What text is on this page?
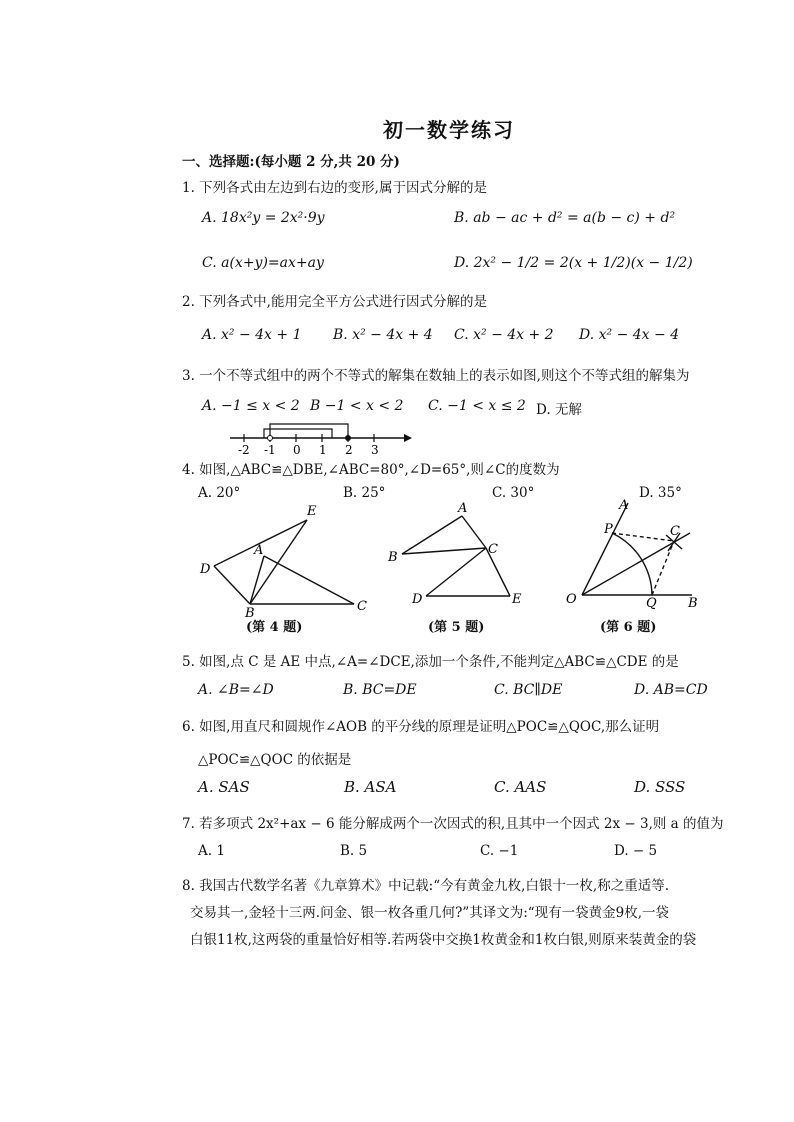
初一数学练习
一、选择题:(每小题 2 分,共 20 分)
1. 下列各式由左边到右边的变形,属于因式分解的是
A. 18x²y = 2x²·9y	B. ab − ac + d² = a(b − c) + d²
C. a(x+y)=ax+ay	D. 2x² − 1/2 = 2(x + 1/2)(x − 1/2)
2. 下列各式中,能用完全平方公式进行因式分解的是
A. x² − 4x + 1 B. x² − 4x + 4 C. x² − 4x + 2 D. x² − 4x − 4
3. 一个不等式组中的两个不等式的解集在数轴上的表示如图,则这个不等式组的解集为
A. −1 ≤ x < 2 B −1 < x < 2 C. −1 < x ≤ 2 D. 无解
-2 -1 0 1 2 3
4. 如图,△ABC≌△DBE,∠ABC=80°,∠D=65°,则∠C的度数为
A. 20°	B. 25°	C. 30°	D. 35°
E
A
D
B	C
(第 4 题)
A
B
C
D	E
(第 5 题)
A
P	C
O	Q B
(第 6 题)
5. 如图,点 C 是 AE 中点,∠A=∠DCE,添加一个条件,不能判定△ABC≌△CDE 的是
A. ∠B=∠D	B. BC=DE	C. BC∥DE	D. AB=CD
6. 如图,用直尺和圆规作∠AOB 的平分线的原理是证明△POC≌△QOC,那么证明
△POC≌△QOC 的依据是
A. SAS	B. ASA	C. AAS	D. SSS
7. 若多项式 2x²+ax − 6 能分解成两个一次因式的积,且其中一个因式 2x − 3,则 a 的值为
A. 1	B. 5	C. −1	D. − 5
8. 我国古代数学名著《九章算术》中记载:“今有黄金九枚,白银十一枚,称之重适等.
交易其一,金轻十三两.问金、银一枚各重几何?”其译文为:“现有一袋黄金9枚,一袋
白银11枚,这两袋的重量恰好相等.若两袋中交换1枚黄金和1枚白银,则原来装黄金的袋
